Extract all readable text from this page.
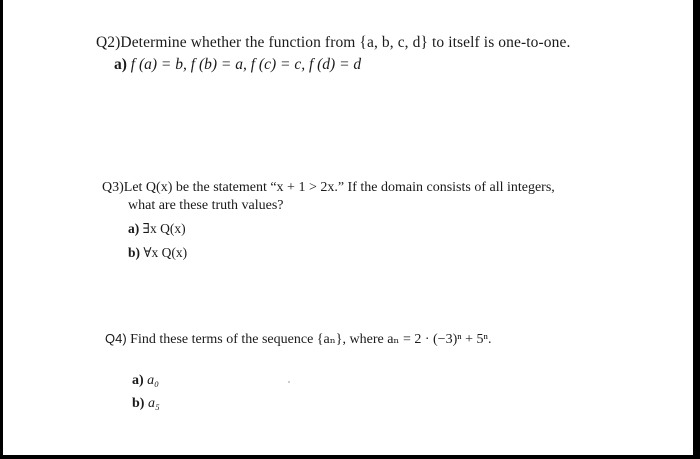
Q2)Determine whether the function from {a, b, c, d} to itself is one-to-one.
a) f (a) = b, f (b) = a, f (c) = c, f (d) = d
Q3)Let Q(x) be the statement “x + 1 > 2x.” If the domain consists of all integers,
what are these truth values?
a) ∃x Q(x)
b) ∀x Q(x)
Q4) Find these terms of the sequence {aₙ}, where aₙ = 2 · (−3)ⁿ + 5ⁿ.
a) a₀
b) a₅
